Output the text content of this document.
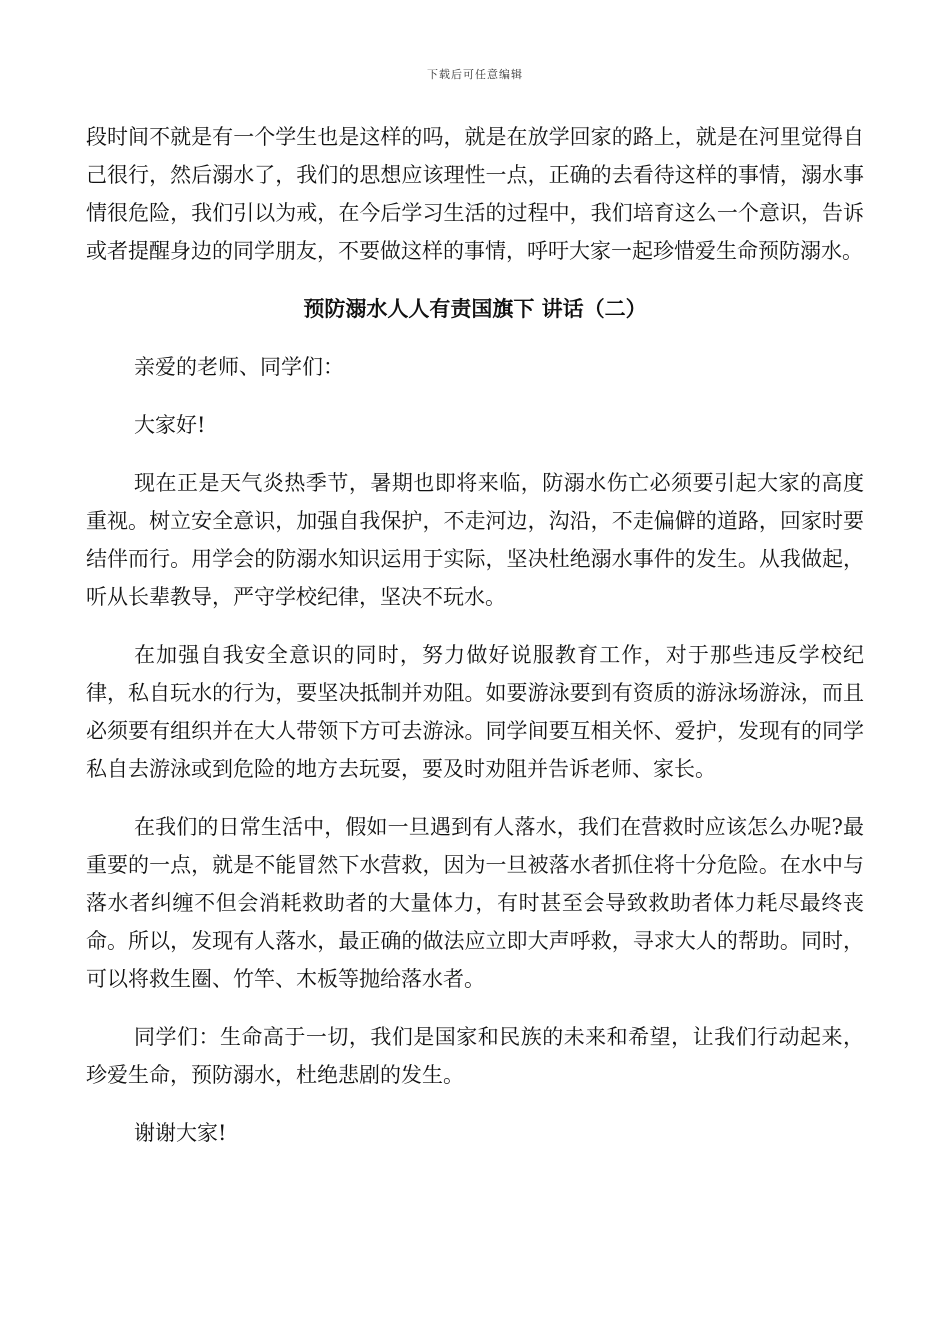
下载后可任意编辑

段时间不就是有一个学生也是这样的吗，就是在放学回家的路上，就是在河里觉得自己很行，然后溺水了，我们的思想应该理性一点，正确的去看待这样的事情，溺水事情很危险，我们引以为戒，在今后学习生活的过程中，我们培育这么一个意识，告诉或者提醒身边的同学朋友，不要做这样的事情，呼吁大家一起珍惜爱生命预防溺水。

预防溺水人人有责国旗下 讲话（二）

亲爱的老师、同学们：

大家好!

现在正是天气炎热季节，暑期也即将来临，防溺水伤亡必须要引起大家的高度重视。树立安全意识，加强自我保护，不走河边，沟沿，不走偏僻的道路，回家时要结伴而行。用学会的防溺水知识运用于实际，坚决杜绝溺水事件的发生。从我做起，听从长辈教导，严守学校纪律，坚决不玩水。

在加强自我安全意识的同时，努力做好说服教育工作，对于那些违反学校纪律，私自玩水的行为，要坚决抵制并劝阻。如要游泳要到有资质的游泳场游泳，而且必须要有组织并在大人带领下方可去游泳。同学间要互相关怀、爱护，发现有的同学私自去游泳或到危险的地方去玩耍，要及时劝阻并告诉老师、家长。

在我们的日常生活中，假如一旦遇到有人落水，我们在营救时应该怎么办呢?最重要的一点，就是不能冒然下水营救，因为一旦被落水者抓住将十分危险。在水中与落水者纠缠不但会消耗救助者的大量体力，有时甚至会导致救助者体力耗尽最终丧命。所以，发现有人落水，最正确的做法应立即大声呼救，寻求大人的帮助。同时，可以将救生圈、竹竿、木板等抛给落水者。

同学们：生命高于一切，我们是国家和民族的未来和希望，让我们行动起来，珍爱生命，预防溺水，杜绝悲剧的发生。

谢谢大家!
